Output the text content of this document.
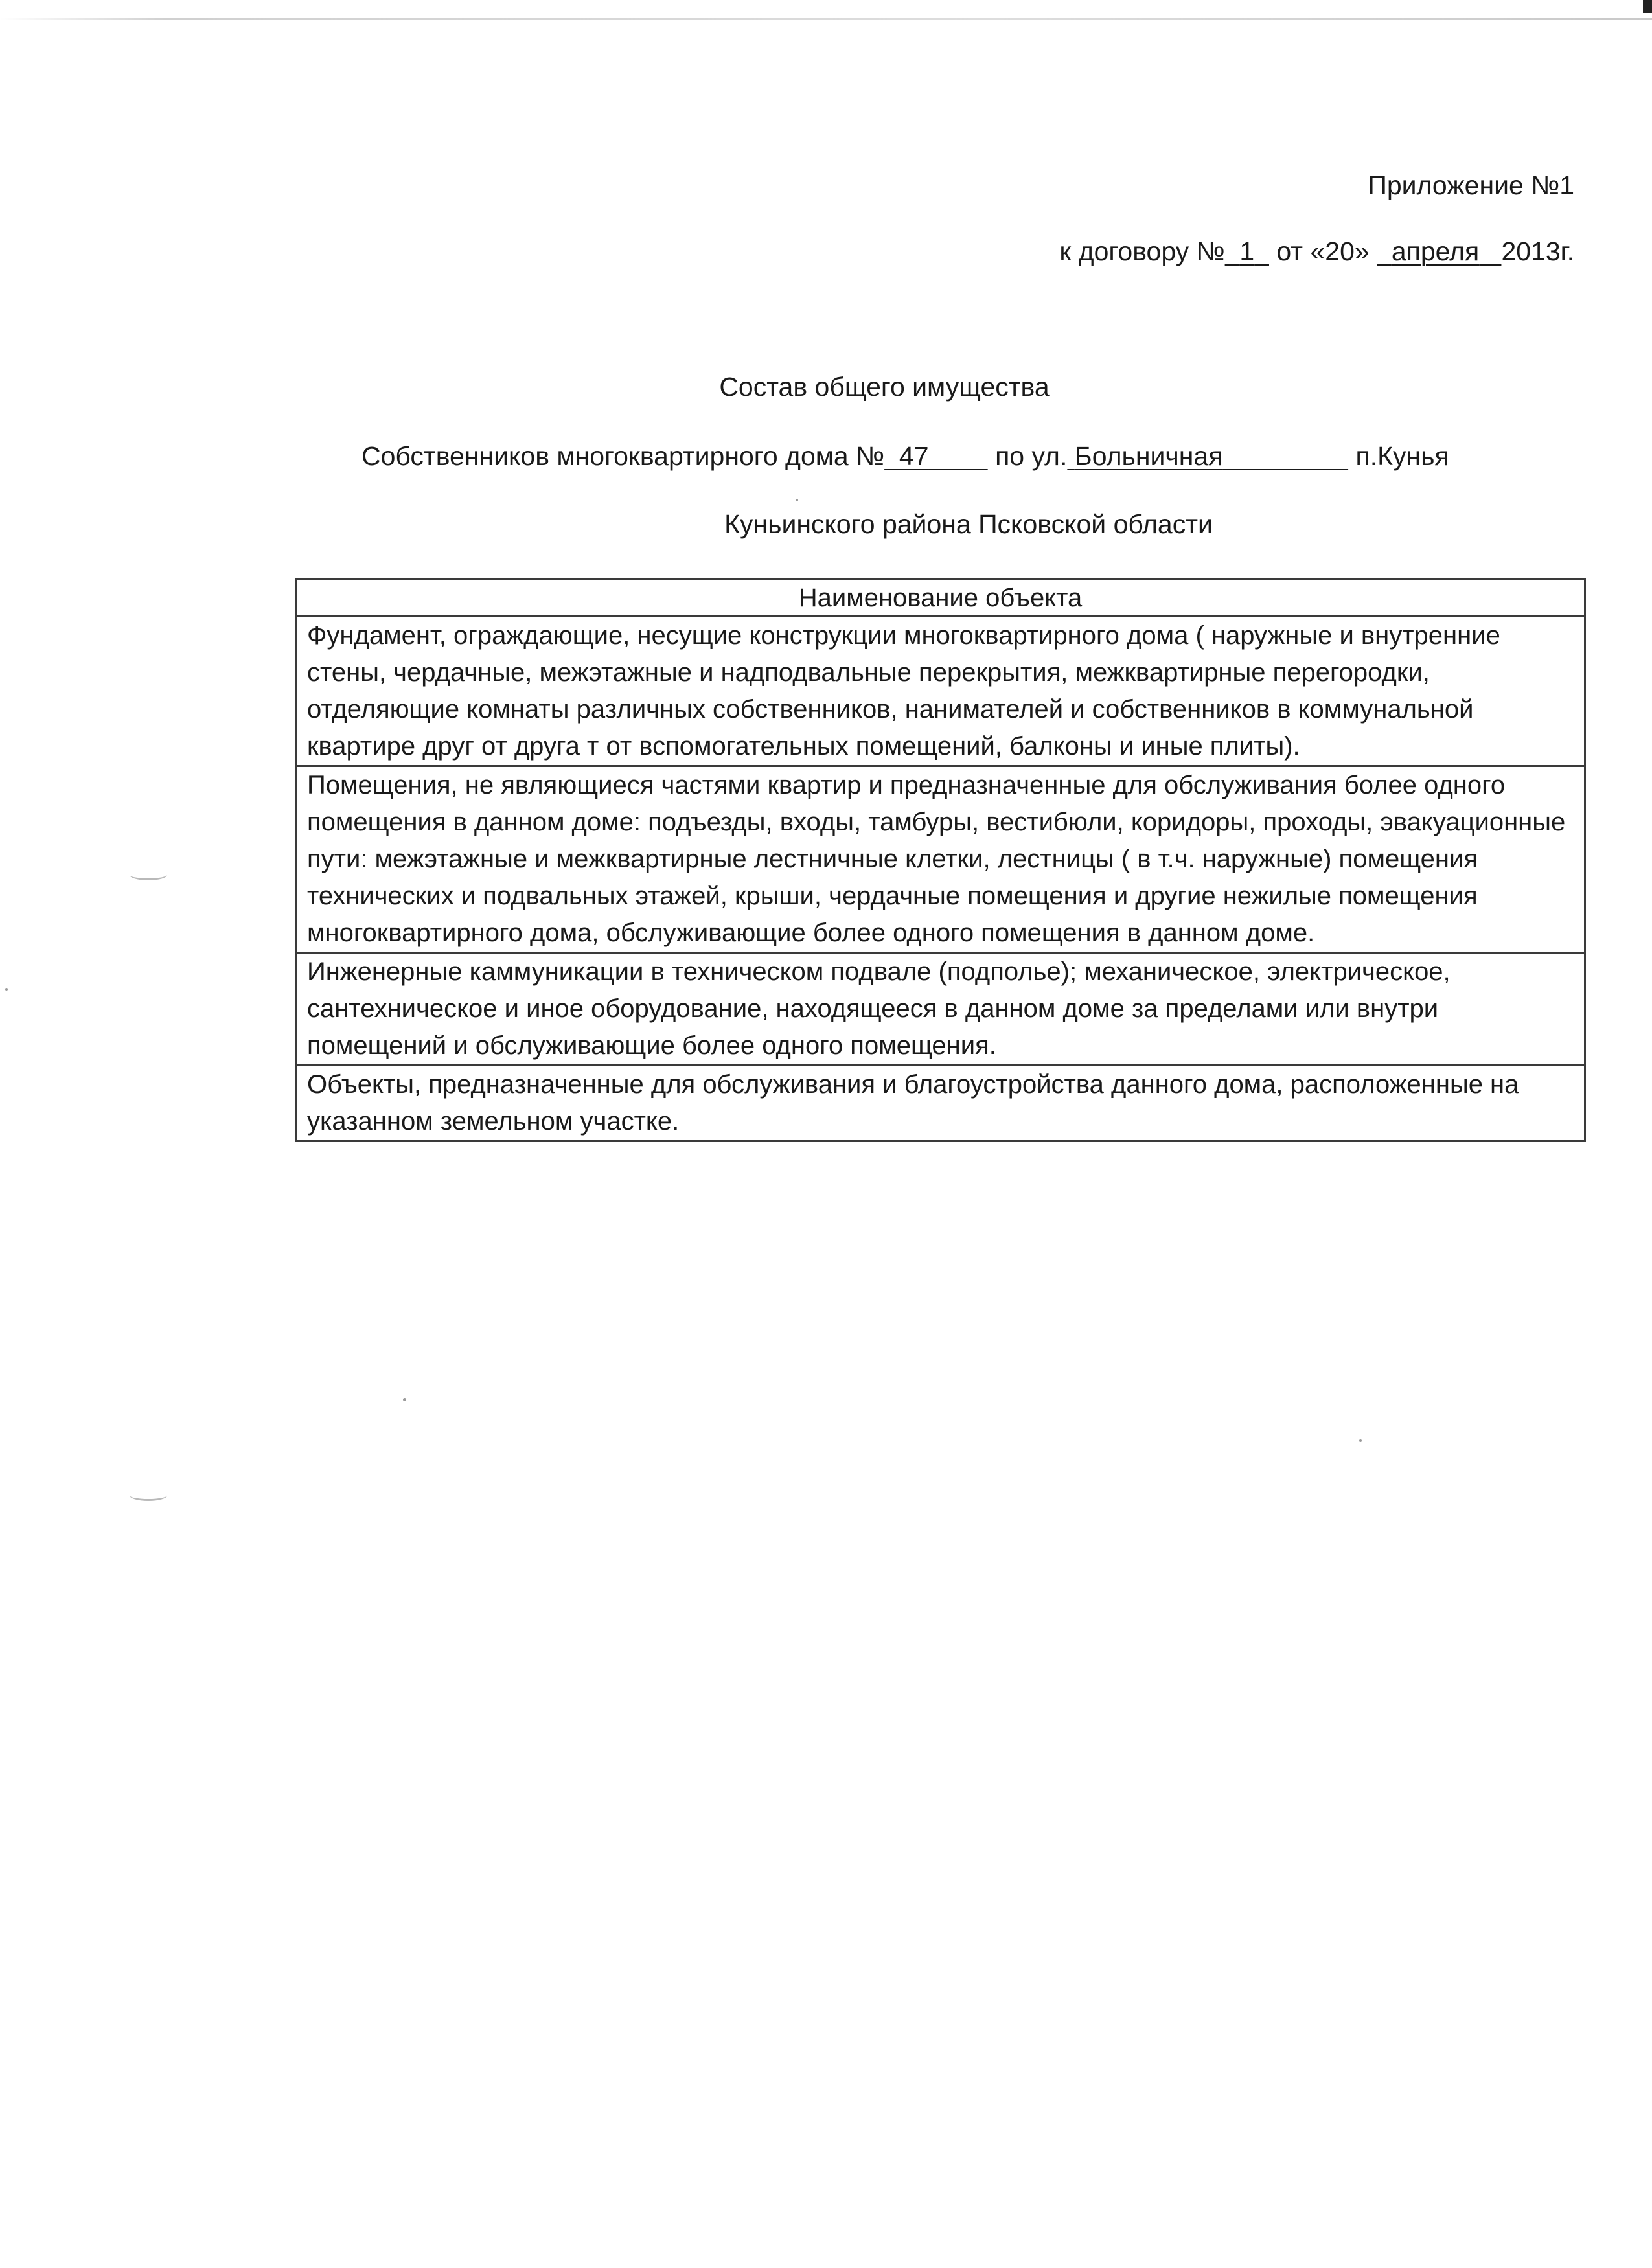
Приложение №1
к договору № 1 от «20» апреля 2013г.
Состав общего имущества
Собственников многоквартирного дома № 47	по ул. Больничная	п.Кунья
Куньинского района Псковской области
Наименование объекта
Фундамент, ограждающие, несущие конструкции многоквартирного дома ( наружные и внутренние стены, чердачные, межэтажные и надподвальные перекрытия, межквартирные перегородки, отделяющие комнаты различных собственников, нанимателей и собственников в коммунальной квартире друг от друга т от вспомогательных помещений, балконы и иные плиты).
Помещения, не являющиеся частями квартир и предназначенные для обслуживания более одного помещения в данном доме: подъезды, входы, тамбуры, вестибюли, коридоры, проходы, эвакуационные пути: межэтажные и межквартирные лестничные клетки, лестницы ( в т.ч. наружные) помещения технических и подвальных этажей, крыши, чердачные помещения и другие нежилые помещения многоквартирного дома, обслуживающие более одного помещения в данном доме.
Инженерные каммуникации в техническом подвале (подполье); механическое, электрическое, сантехническое и иное оборудование, находящееся в данном доме за пределами или внутри помещений и обслуживающие более одного помещения.
Объекты, предназначенные для обслуживания и благоустройства данного дома, расположенные на указанном земельном участке.
